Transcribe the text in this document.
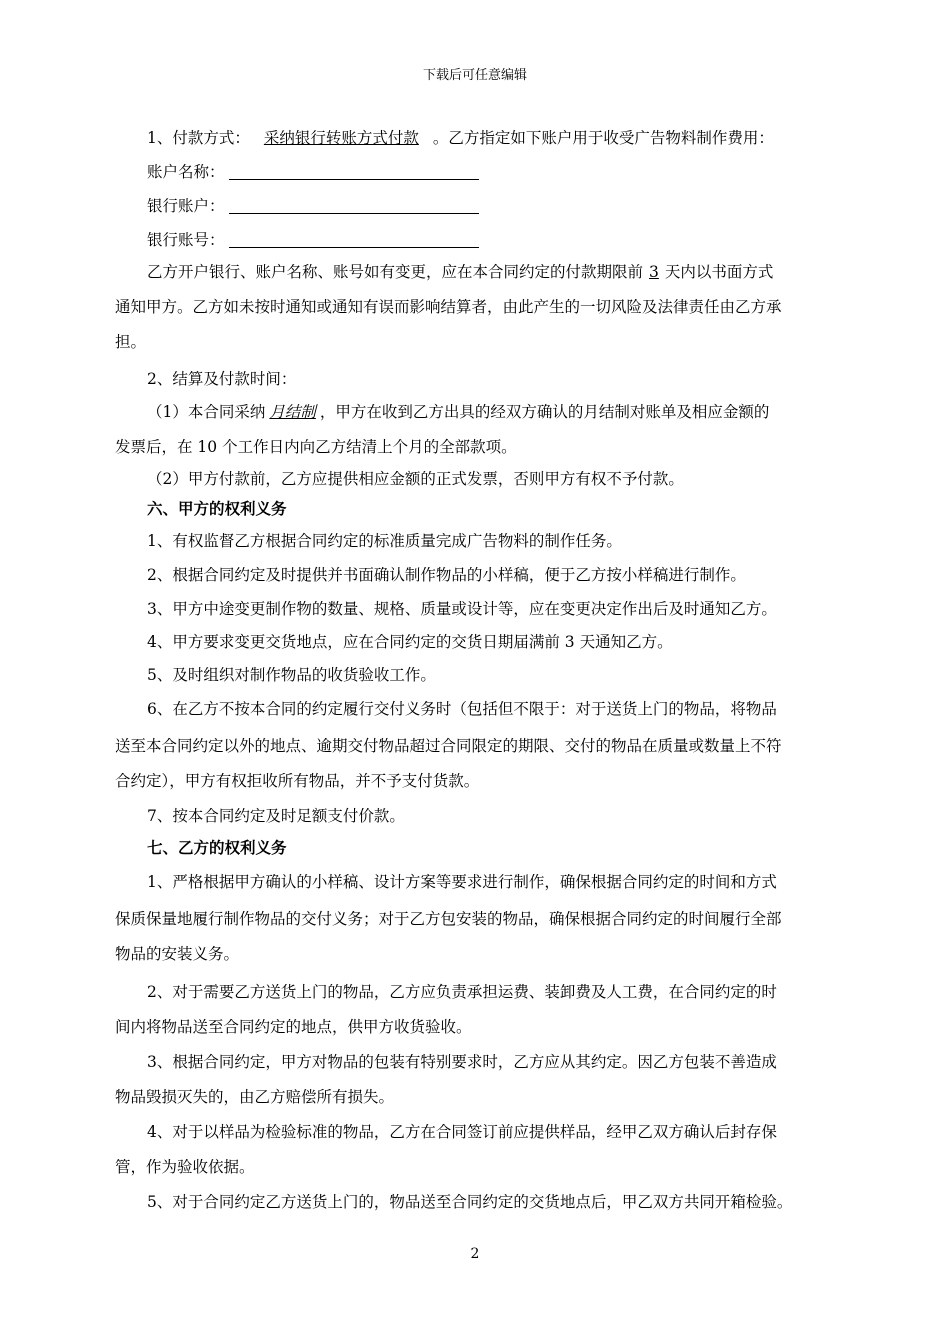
下载后可任意编辑
1、付款方式： 采纳银行转账方式付款 。乙方指定如下账户用于收受广告物料制作费用：
账户名称：
银行账户：
银行账号：
乙方开户银行、账户名称、账号如有变更，应在本合同约定的付款期限前 3 天内以书面方式
通知甲方。乙方如未按时通知或通知有误而影响结算者，由此产生的一切风险及法律责任由乙方承
担。
2、结算及付款时间：
（1）本合同采纳 月结制 ，甲方在收到乙方出具的经双方确认的月结制对账单及相应金额的
发票后，在 10 个工作日内向乙方结清上个月的全部款项。
（2）甲方付款前，乙方应提供相应金额的正式发票，否则甲方有权不予付款。
六、甲方的权利义务
1、有权监督乙方根据合同约定的标准质量完成广告物料的制作任务。
2、根据合同约定及时提供并书面确认制作物品的小样稿，便于乙方按小样稿进行制作。
3、甲方中途变更制作物的数量、规格、质量或设计等，应在变更决定作出后及时通知乙方。
4、甲方要求变更交货地点，应在合同约定的交货日期届满前 3 天通知乙方。
5、及时组织对制作物品的收货验收工作。
6、在乙方不按本合同的约定履行交付义务时（包括但不限于：对于送货上门的物品，将物品
送至本合同约定以外的地点、逾期交付物品超过合同限定的期限、交付的物品在质量或数量上不符
合约定），甲方有权拒收所有物品，并不予支付货款。
7、按本合同约定及时足额支付价款。
七、乙方的权利义务
1、严格根据甲方确认的小样稿、设计方案等要求进行制作，确保根据合同约定的时间和方式
保质保量地履行制作物品的交付义务；对于乙方包安装的物品，确保根据合同约定的时间履行全部
物品的安装义务。
2、对于需要乙方送货上门的物品，乙方应负责承担运费、装卸费及人工费，在合同约定的时
间内将物品送至合同约定的地点，供甲方收货验收。
3、根据合同约定，甲方对物品的包装有特别要求时，乙方应从其约定。因乙方包装不善造成
物品毁损灭失的，由乙方赔偿所有损失。
4、对于以样品为检验标准的物品，乙方在合同签订前应提供样品，经甲乙双方确认后封存保
管，作为验收依据。
5、对于合同约定乙方送货上门的，物品送至合同约定的交货地点后，甲乙双方共同开箱检验。
2
